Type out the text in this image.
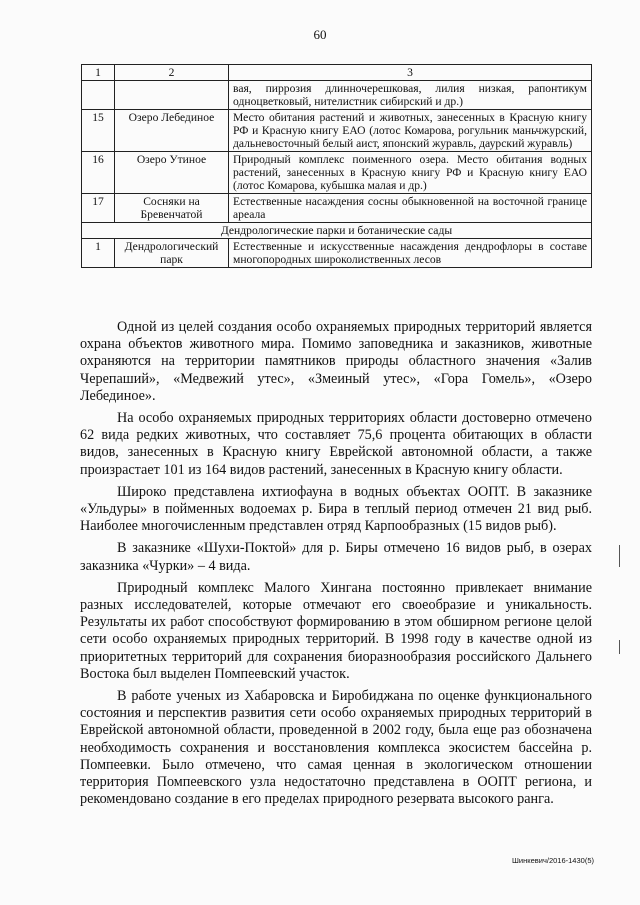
60
1	2	3
		вая, пиррозия длинночерешковая, лилия низкая, рапонтикум одноцветковый, нителистник сибирский и др.)
15	Озеро Лебединое	Место обитания растений и животных, занесенных в Красную книгу РФ и Красную книгу ЕАО (лотос Комарова, рогульник маньчжурский, дальневосточный белый аист, японский журавль, даурский журавль)
16	Озеро Утиное	Природный комплекс поименного озера. Место обитания водных растений, занесенных в Красную книгу РФ и Красную книгу ЕАО (лотос Комарова, кубышка малая и др.)
17	Сосняки на Бревенчатой	Естественные насаждения сосны обыкновенной на восточной границе ареала
Дендрологические парки и ботанические сады		
1	Дендрологический парк	Естественные и искусственные насаждения дендрофлоры в составе многопородных широколиственных лесов

Одной из целей создания особо охраняемых природных территорий является охрана объектов животного мира. Помимо заповедника и заказников, животные охраняются на территории памятников природы областного значения «Залив Черепаший», «Медвежий утес», «Змеиный утес», «Гора Гомель», «Озеро Лебединое».

На особо охраняемых природных территориях области достоверно отмечено 62 вида редких животных, что составляет 75,6 процента обитающих в области видов, занесенных в Красную книгу Еврейской автономной области, а также произрастает 101 из 164 видов растений, занесенных в Красную книгу области.

Широко представлена ихтиофауна в водных объектах ООПТ. В заказнике «Ульдуры» в пойменных водоемах р. Бира в теплый период отмечен 21 вид рыб. Наиболее многочисленным представлен отряд Карпообразных (15 видов рыб).

В заказнике «Шухи-Поктой» для р. Биры отмечено 16 видов рыб, в озерах заказника «Чурки» – 4 вида.

Природный комплекс Малого Хингана постоянно привлекает внимание разных исследователей, которые отмечают его своеобразие и уникальность. Результаты их работ способствуют формированию в этом обширном регионе целой сети особо охраняемых природных территорий. В 1998 году в качестве одной из приоритетных территорий для сохранения биоразнообразия российского Дальнего Востока был выделен Помпеевский участок.

В работе ученых из Хабаровска и Биробиджана по оценке функционального состояния и перспектив развития сети особо охраняемых природных территорий в Еврейской автономной области, проведенной в 2002 году, была еще раз обозначена необходимость сохранения и восстановления комплекса экосистем бассейна р. Помпеевки. Было отмечено, что самая ценная в экологическом отношении территория Помпеевского узла недостаточно представлена в ООПТ региона, и рекомендовано создание в его пределах природного резервата высокого ранга.

Шинкевич/2016-1430(5)
